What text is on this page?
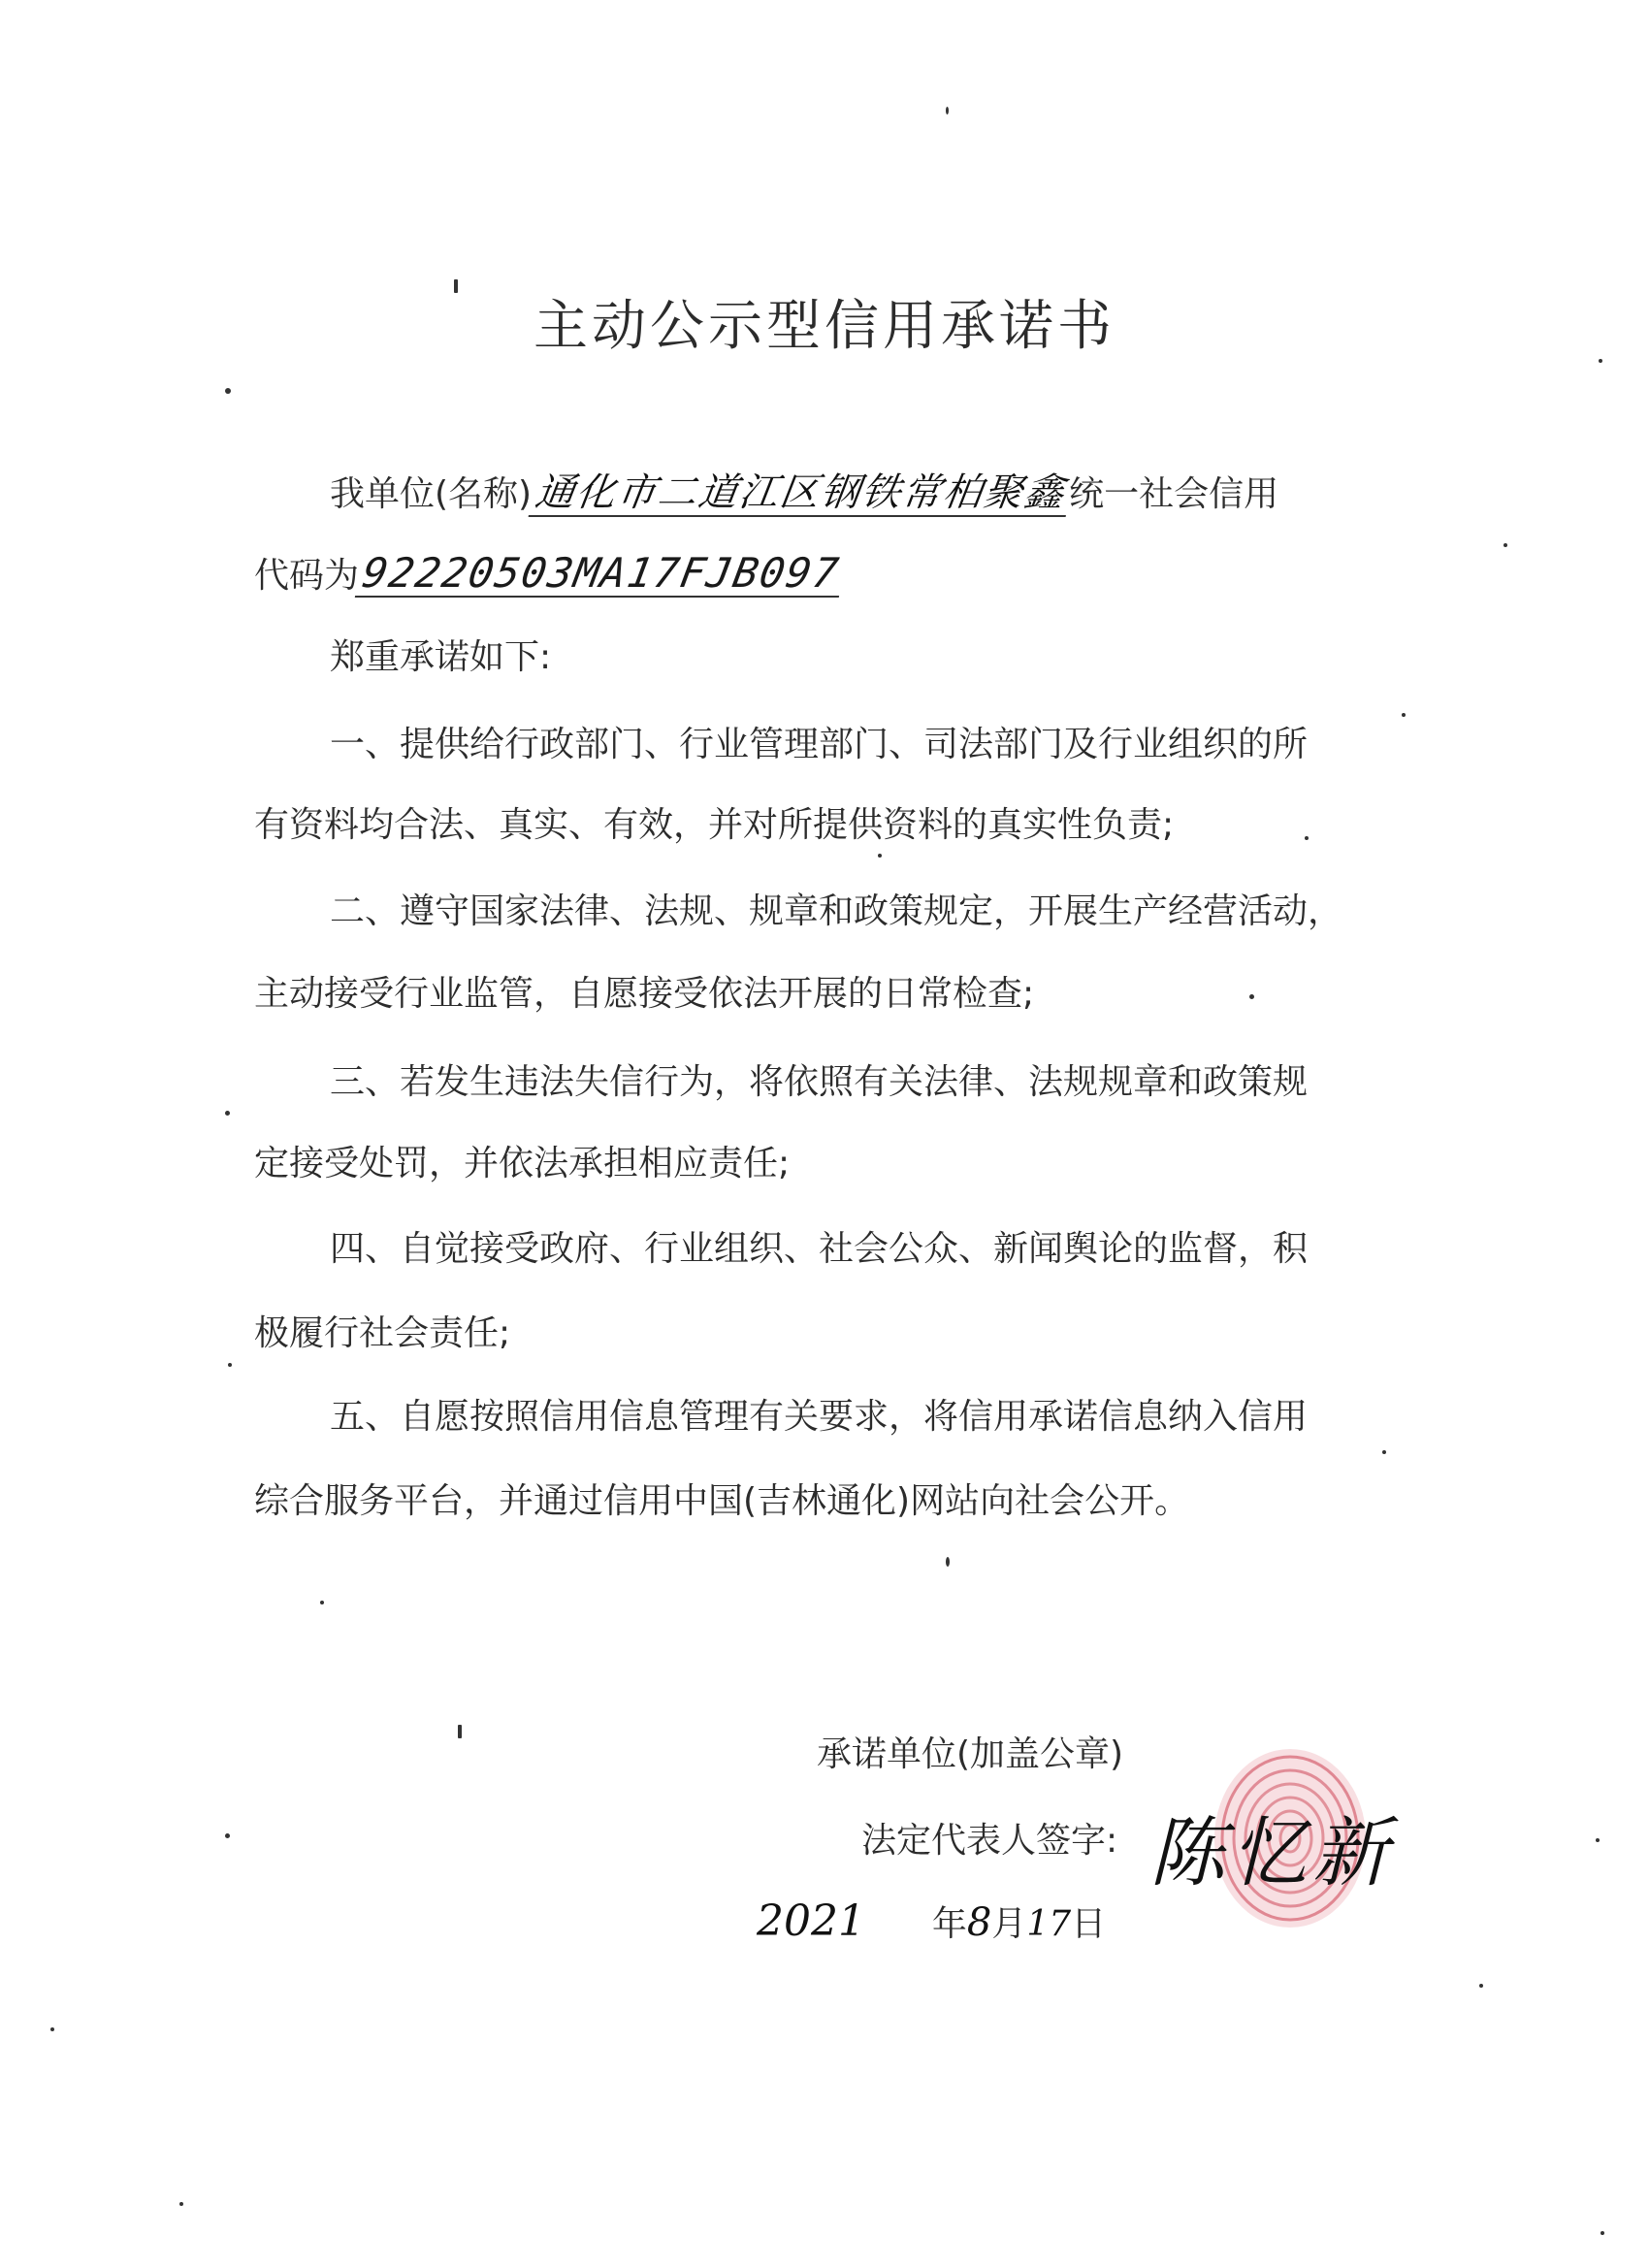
主动公示型信用承诺书
我单位(名称)通化市二道江区钢铁常柏聚鑫统一社会信用
代码为92220503MA17FJB097
郑重承诺如下:
一、提供给行政部门、行业管理部门、司法部门及行业组织的所
有资料均合法、真实、有效，并对所提供资料的真实性负责;
二、遵守国家法律、法规、规章和政策规定，开展生产经营活动，
主动接受行业监管，自愿接受依法开展的日常检查;
三、若发生违法失信行为，将依照有关法律、法规规章和政策规
定接受处罚，并依法承担相应责任;
四、自觉接受政府、行业组织、社会公众、新闻舆论的监督，积
极履行社会责任;
五、自愿按照信用信息管理有关要求，将信用承诺信息纳入信用
综合服务平台，并通过信用中国(吉林通化)网站向社会公开。
承诺单位(加盖公章)
法定代表人签字: 陈忆新
2021 年8月17日
